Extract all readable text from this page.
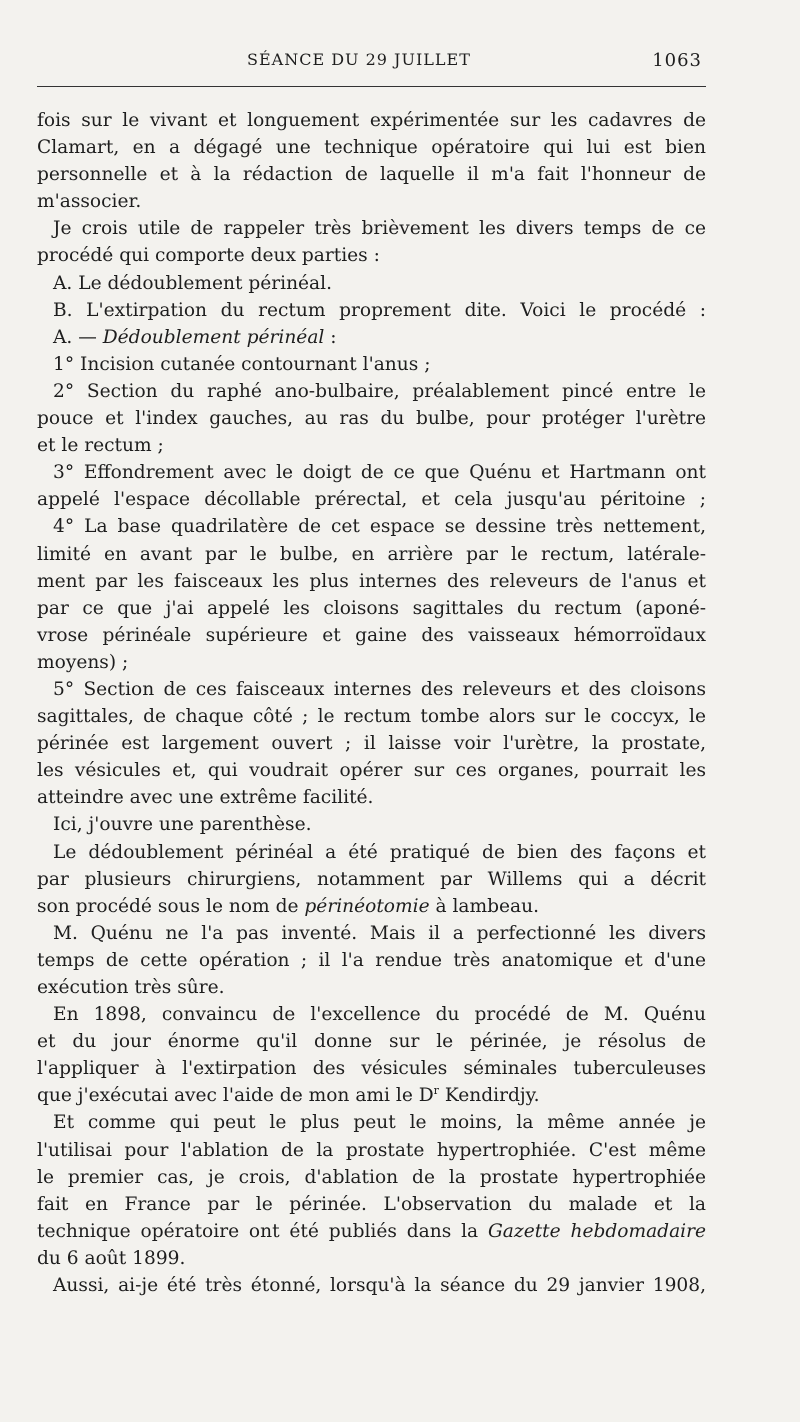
SÉANCE DU 29 JUILLET	1063
fois sur le vivant et longuement expérimentée sur les cadavres de
Clamart, en a dégagé une technique opératoire qui lui est bien
personnelle et à la rédaction de laquelle il m'a fait l'honneur de
m'associer.
Je crois utile de rappeler très brièvement les divers temps de ce
procédé qui comporte deux parties :
A. Le dédoublement périnéal.
B. L'extirpation du rectum proprement dite. Voici le procédé :
A. — Dédoublement périnéal :
1° Incision cutanée contournant l'anus ;
2° Section du raphé ano-bulbaire, préalablement pincé entre le
pouce et l'index gauches, au ras du bulbe, pour protéger l'urètre
et le rectum ;
3° Effondrement avec le doigt de ce que Quénu et Hartmann ont
appelé l'espace décollable prérectal, et cela jusqu'au péritoine ;
4° La base quadrilatère de cet espace se dessine très nettement,
limité en avant par le bulbe, en arrière par le rectum, latérale-
ment par les faisceaux les plus internes des releveurs de l'anus et
par ce que j'ai appelé les cloisons sagittales du rectum (aponé-
vrose périnéale supérieure et gaine des vaisseaux hémorroïdaux
moyens) ;
5° Section de ces faisceaux internes des releveurs et des cloisons
sagittales, de chaque côté ; le rectum tombe alors sur le coccyx, le
périnée est largement ouvert ; il laisse voir l'urètre, la prostate,
les vésicules et, qui voudrait opérer sur ces organes, pourrait les
atteindre avec une extrême facilité.
Ici, j'ouvre une parenthèse.
Le dédoublement périnéal a été pratiqué de bien des façons et
par plusieurs chirurgiens, notamment par Willems qui a décrit
son procédé sous le nom de périnéotomie à lambeau.
M. Quénu ne l'a pas inventé. Mais il a perfectionné les divers
temps de cette opération ; il l'a rendue très anatomique et d'une
exécution très sûre.
En 1898, convaincu de l'excellence du procédé de M. Quénu
et du jour énorme qu'il donne sur le périnée, je résolus de
l'appliquer à l'extirpation des vésicules séminales tuberculeuses
que j'exécutai avec l'aide de mon ami le $D^r$ Kendirdjy.
Et comme qui peut le plus peut le moins, la même année je
l'utilisai pour l'ablation de la prostate hypertrophiée. C'est même
le premier cas, je crois, d'ablation de la prostate hypertrophiée
fait en France par le périnée. L'observation du malade et la
technique opératoire ont été publiés dans la Gazette hebdomadaire
du 6 août 1899.
Aussi, ai-je été très étonné, lorsqu'à la séance du 29 janvier 1908,
